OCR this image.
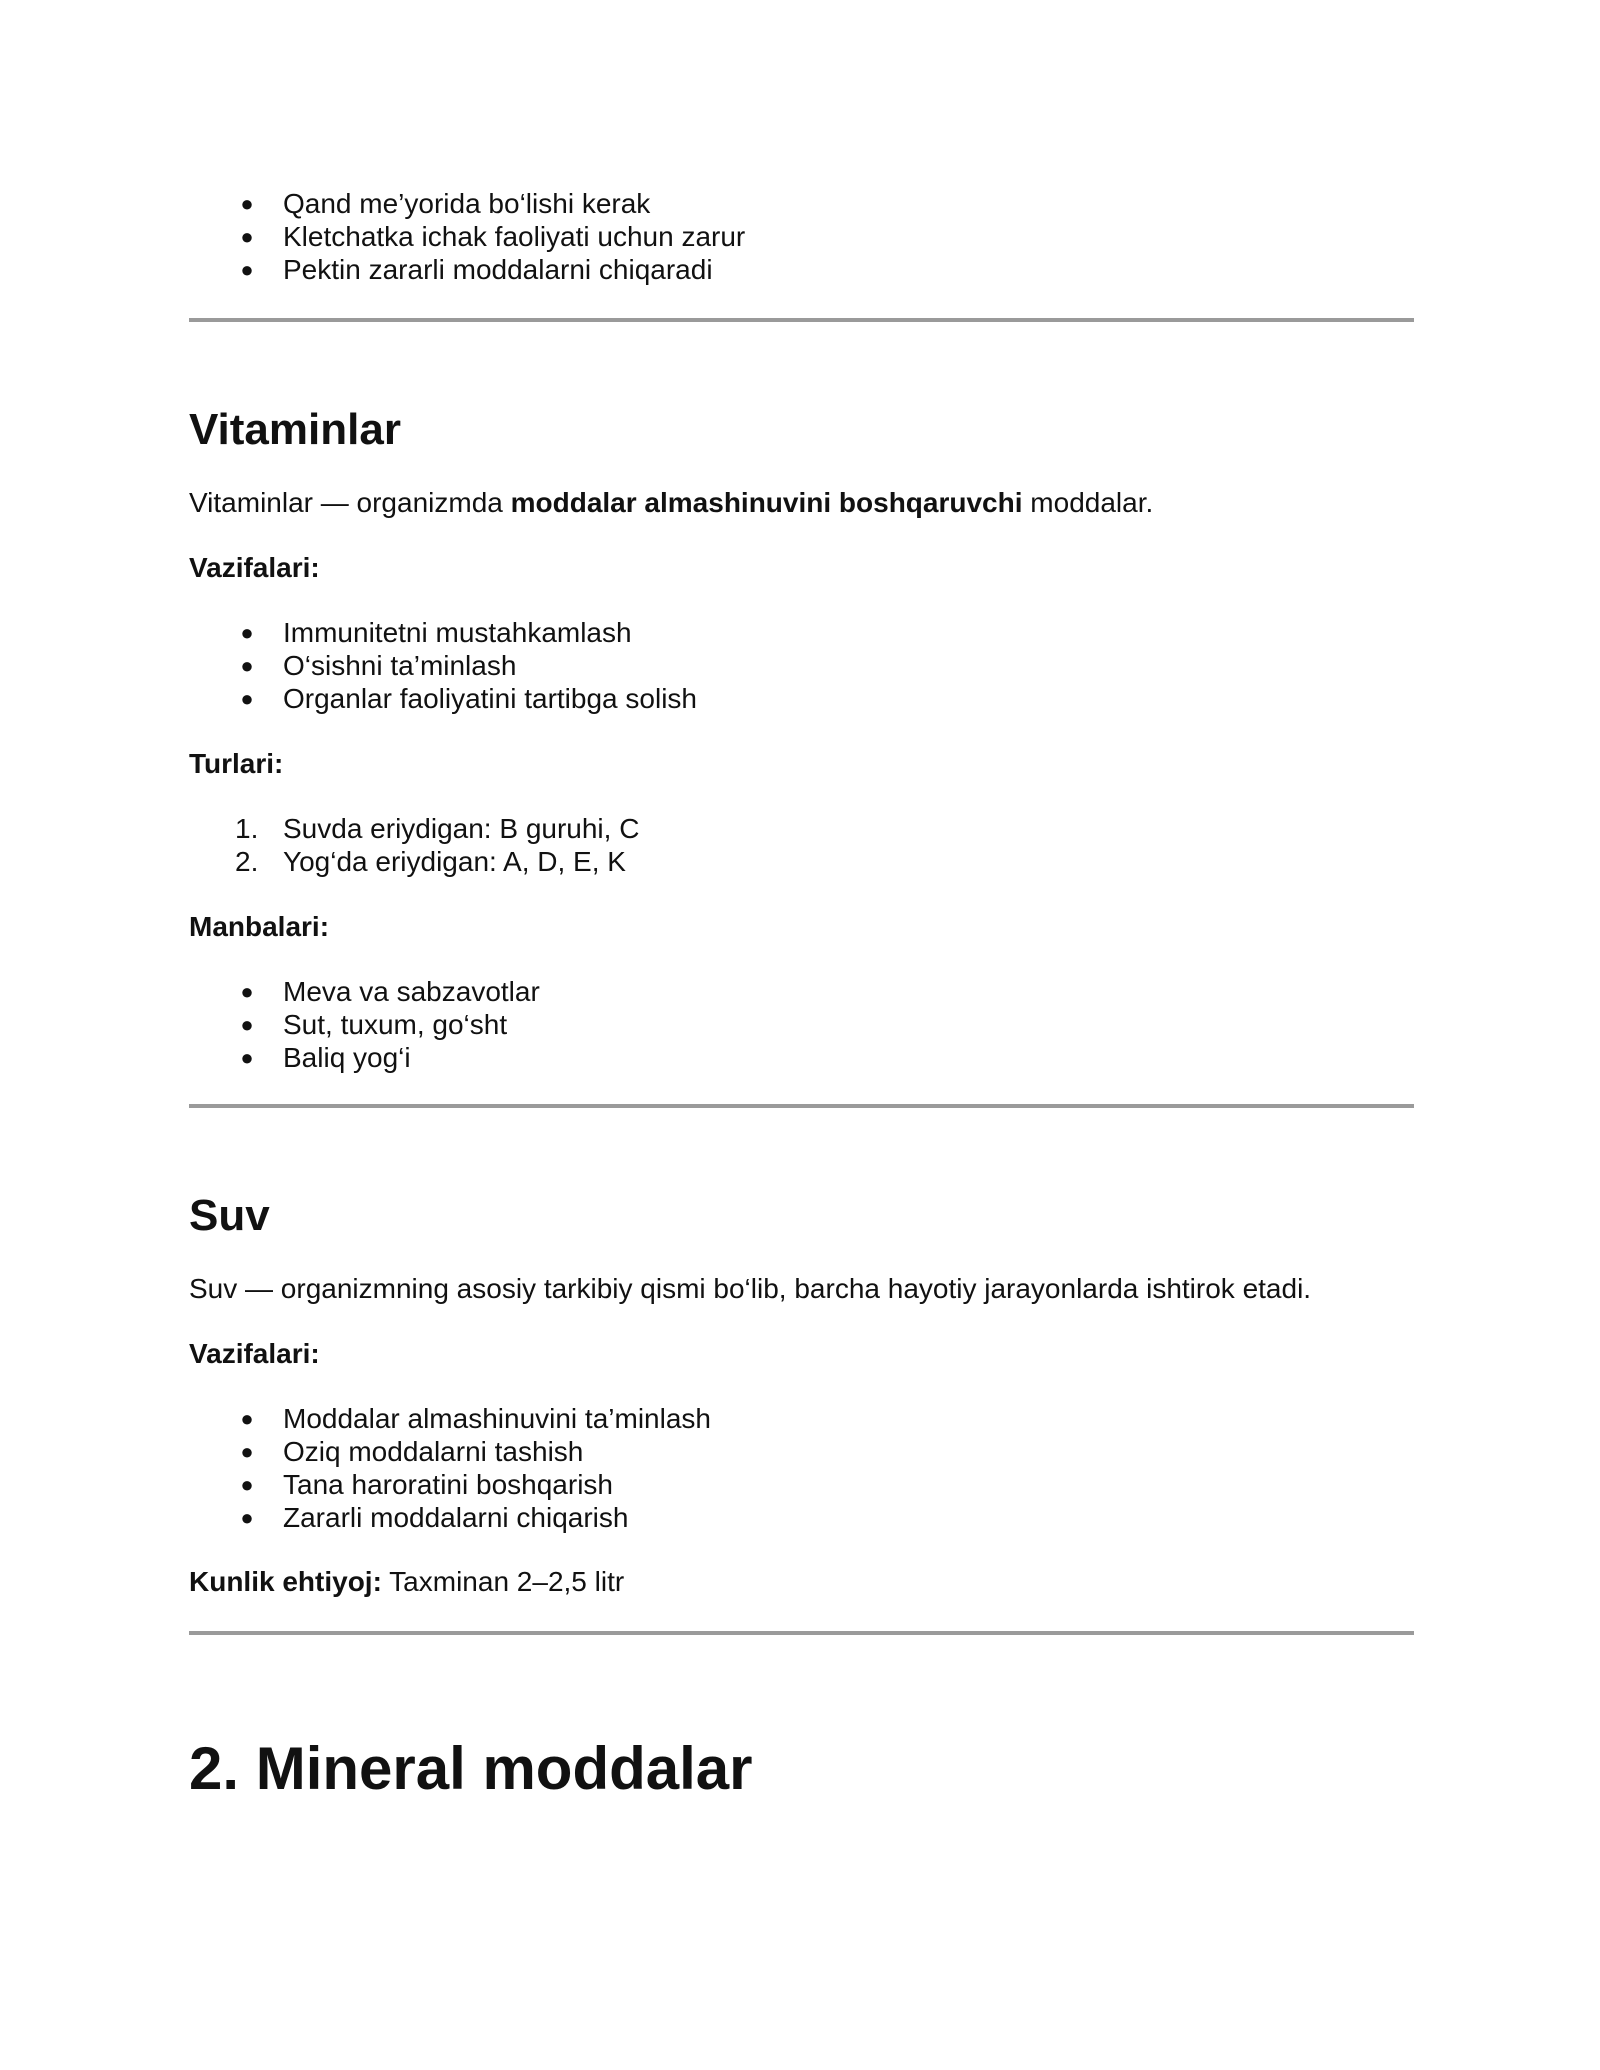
● Qand me’yorida bo‘lishi kerak
● Kletchatka ichak faoliyati uchun zarur
● Pektin zararli moddalarni chiqaradi
Vitaminlar
Vitaminlar — organizmda moddalar almashinuvini boshqaruvchi moddalar.
Vazifalari:
● Immunitetni mustahkamlash
● O‘sishni ta’minlash
● Organlar faoliyatini tartibga solish
Turlari:
1. Suvda eriydigan: B guruhi, C
2. Yog‘da eriydigan: A, D, E, K
Manbalari:
● Meva va sabzavotlar
● Sut, tuxum, go‘sht
● Baliq yog‘i
Suv
Suv — organizmning asosiy tarkibiy qismi bo‘lib, barcha hayotiy jarayonlarda ishtirok etadi.
Vazifalari:
● Moddalar almashinuvini ta’minlash
● Oziq moddalarni tashish
● Tana haroratini boshqarish
● Zararli moddalarni chiqarish
Kunlik ehtiyoj: Taxminan 2–2,5 litr
2. Mineral moddalar
